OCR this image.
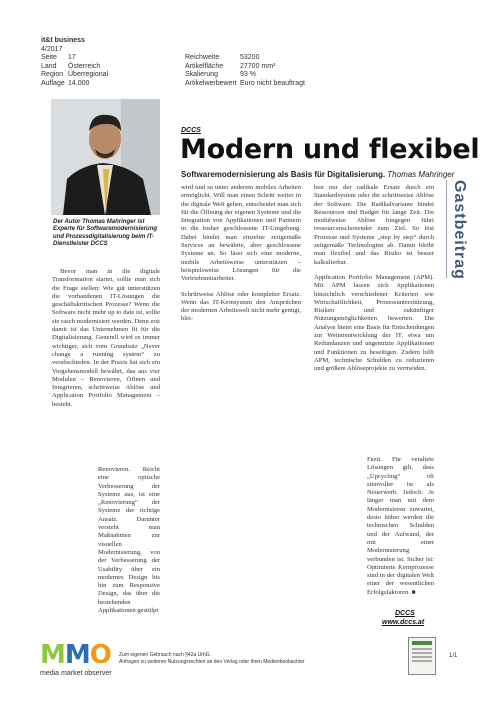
it&t business
4/2017
Seite 17
Land Österreich
Region Überregional
Auflage 14.000
Reichweite	53200
Artikelfläche 27700 mm²
Skalierung	93 %
Artikelwerbewert Euro nicht beauftragt
Der Autor Thomas Mahringer ist Experte für Softwaremodernisierung und Prozessdigitalisierung beim IT-Dienstleister DCCS
DCCS
Modern und flexibel
Softwaremodernisierung als Basis für Digitalisierung. Thomas Mahringer
Gastbeitrag

Bevor man in die digitale Transformation startet, sollte man sich die Frage stellen: Wie gut unterstützen die vorhandenen IT-Lösungen die geschäftskritischen Prozesse? Wenn die Software nicht mehr up to date ist, sollte sie rasch modernisiert werden. Denn erst damit ist das Unternehmen fit für die Digitalisierung. Generell wird es immer wichtiger, sich vom Grundsatz „Never change a running system“ zu verabschieden. In der Praxis hat sich ein Vorgehensmodell bewährt, das aus vier Modulen – Renovieren, Öffnen und Integrieren, schrittweise Ablöse und Application Portfolio Management – besteht.

Renovieren. Reicht eine optische Verbesserung der Systeme aus, ist eine „Renovierung“ der Systeme der richtige Ansatz. Darunter versteht man Maßnahmen zur visuellen Modernisierung, von der Verbesserung der Usability über ein modernes Design bis hin zum Responsive Design, das über die bestehenden Applikationen gestülpt

wird und so unter anderem mobiles Arbeiten ermöglicht. Will man einen Schritt weiter in die digitale Welt gehen, entscheidet man sich für die Öffnung der eigenen Systeme und die Integration von Applikationen und Partnern in die bisher geschlossene IT-Umgebung. Dabei bindet man einzelne zeitgemäße Services an bewährte, aber geschlossene Systeme an. So lässt sich eine moderne, mobile Arbeitsweise unterstützen – beispielsweise Lösungen für die Vertriebsmitarbeiter.

Schrittweise Ablöse oder kompletter Ersatz. Wenn das IT-Kernsystem den Ansprüchen der modernen Arbeitswelt nicht mehr genügt, blei-

ben nur der radikale Ersatz durch ein Standardsystem oder die schrittweise Ablöse der Software. Die Radikalvariante bindet Ressourcen und Budget für lange Zeit. Die modulweise Ablöse hingegen führt ressourcenschonender zum Ziel. So löst Prozesse und Systeme „step by step“ durch zeitgemäße Technologien ab. Damit bleibt man flexibel und das Risiko ist besser kalkulierbar.

Application Portfolio Management (APM). Mit APM lassen sich Applikationen hinsichtlich verschiedener Kriterien wie Wirtschaftlichkeit, Prozessunterstützung, Risiken und zukünftiger Nutzungsmöglichkeiten bewerten. Die Analyse bietet eine Basis für Entscheidungen zur Weiterentwicklung der IT, etwa um Redundanzen und ungenutzte Applikationen und Funktionen zu beseitigen. Zudem hilft APM, technische Schulden zu reduzieren und größere Ablöseprojekte zu vermeiden.

Fazit. Für veraltete Lösungen gilt, dass „Upcycling“ oft sinnvoller ist als Neuerwerb. Jedoch: Je länger man mit dem Modernisieren zuwartet, desto höher werden die technischen Schulden und der Aufwand, der mit einer Modernisierung verbunden ist. Sicher ist: Optimierte Kernprozesse sind in der digitalen Welt einer der wesentlichen Erfolgsfaktoren. ■

DCCS
www.dccs.at
MMO
media market observer
Zum eigenen Gebrauch nach §42a UrhG.
Anfragen zu weiteren Nutzungsrechten an den Verlag oder Ihren Medienbeobachter
1/1
